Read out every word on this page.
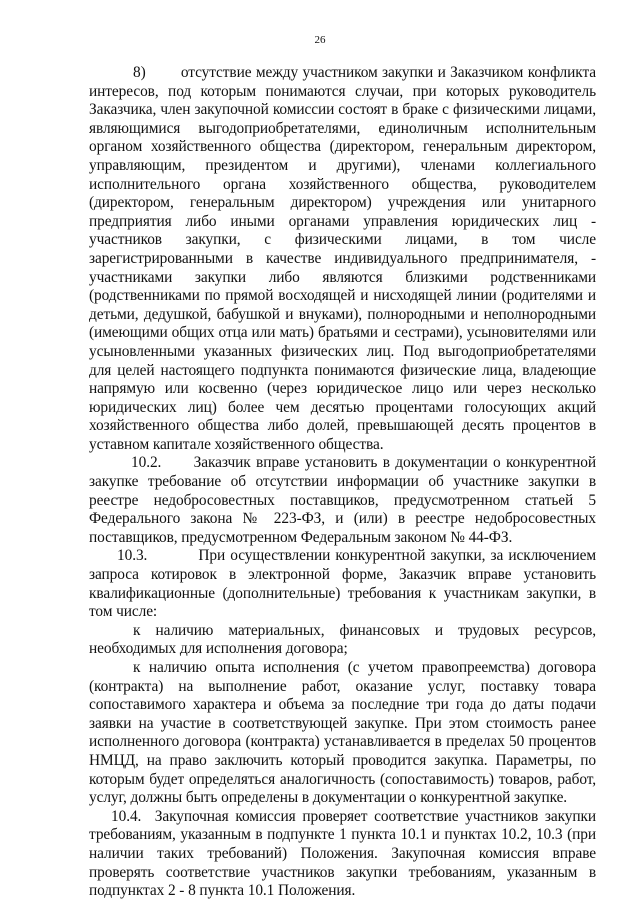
26

8)        отсутствие между участником закупки и Заказчиком конфликта интересов, под которым понимаются случаи, при которых руководитель Заказчика, член закупочной комиссии состоят в браке с физическими лицами, являющимися выгодоприобретателями, единоличным исполнительным органом хозяйственного общества (директором, генеральным директором, управляющим, президентом и другими), членами коллегиального исполнительного органа хозяйственного общества, руководителем (директором, генеральным директором) учреждения или унитарного предприятия либо иными органами управления юридических лиц - участников закупки, с физическими лицами, в том числе зарегистрированными в качестве индивидуального предпринимателя, - участниками закупки либо являются близкими родственниками (родственниками по прямой восходящей и нисходящей линии (родителями и детьми, дедушкой, бабушкой и внуками), полнородными и неполнородными (имеющими общих отца или мать) братьями и сестрами), усыновителями или усыновленными указанных физических лиц. Под выгодоприобретателями для целей настоящего подпункта понимаются физические лица, владеющие напрямую или косвенно (через юридическое лицо или через несколько юридических лиц) более чем десятью процентами голосующих акций хозяйственного общества либо долей, превышающей десять процентов в уставном капитале хозяйственного общества.

10.2.      Заказчик вправе установить в документации о конкурентной закупке требование об отсутствии информации об участнике закупки в реестре недобросовестных поставщиков, предусмотренном статьей 5 Федерального закона № 223-ФЗ, и (или) в реестре недобросовестных поставщиков, предусмотренном Федеральным законом № 44-ФЗ.

10.3.          При осуществлении конкурентной закупки, за исключением запроса котировок в электронной форме, Заказчик вправе установить квалификационные (дополнительные) требования к участникам закупки, в том числе:

к наличию материальных, финансовых и трудовых ресурсов, необходимых для исполнения договора;

к наличию опыта исполнения (с учетом правопреемства) договора (контракта) на выполнение работ, оказание услуг, поставку товара сопоставимого характера и объема за последние три года до даты подачи заявки на участие в соответствующей закупке. При этом стоимость ранее исполненного договора (контракта) устанавливается в пределах 50 процентов НМЦД, на право заключить который проводится закупка. Параметры, по которым будет определяться аналогичность (сопоставимость) товаров, работ, услуг, должны быть определены в документации о конкурентной закупке.

10.4.  Закупочная комиссия проверяет соответствие участников закупки требованиям, указанным в подпункте 1 пункта 10.1 и пунктах 10.2, 10.3 (при наличии таких требований) Положения. Закупочная комиссия вправе проверять соответствие участников закупки требованиям, указанным в подпунктах 2 - 8 пункта 10.1 Положения.
